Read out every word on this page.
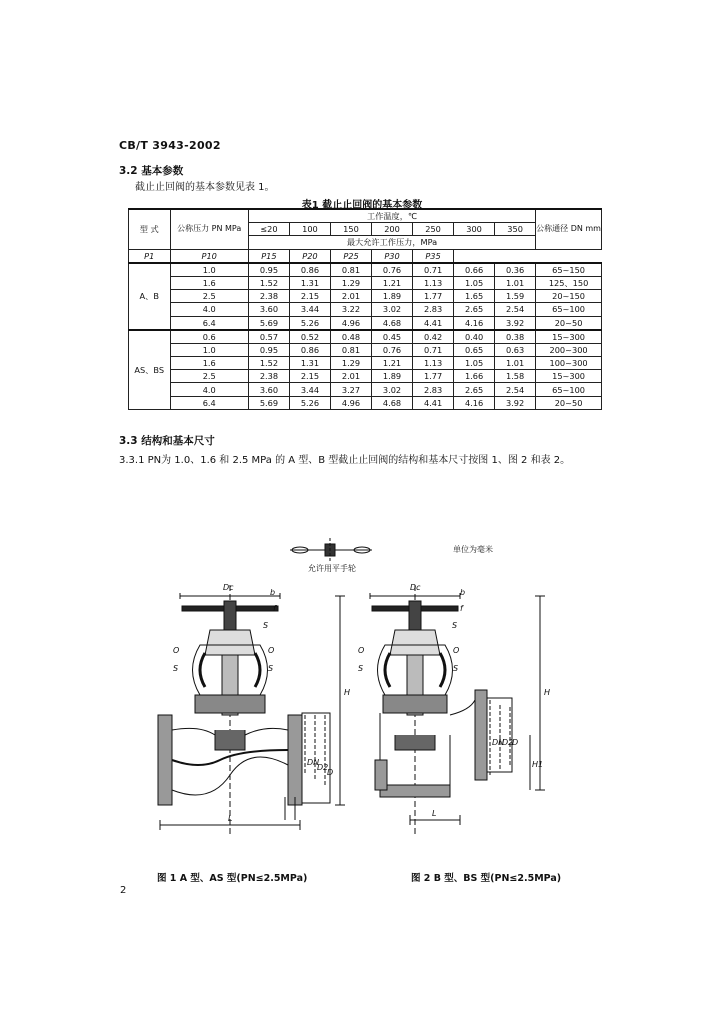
CB/T 3943-2002
3.2 基本参数
截止止回阀的基本参数见表 1。
表1 截止止回阀的基本参数
型 式	公称压力 PN MPa	工作温度，℃							公称通径 DN mm
		≤20	100	150	200	250	300	350	
		最大允许工作压力，MPa							
P1	P10	P15	P20	P25	P30	P35			
A、B	1.0	0.95	0.86	0.81	0.76	0.71	0.66	0.36	65~150
	1.6	1.52	1.31	1.29	1.21	1.13	1.05	1.01	125、150
	2.5	2.38	2.15	2.01	1.89	1.77	1.65	1.59	20~150
	4.0	3.60	3.44	3.22	3.02	2.83	2.65	2.54	65~100
	6.4	5.69	5.26	4.96	4.68	4.41	4.16	3.92	20~50
AS、BS	0.6	0.57	0.52	0.48	0.45	0.42	0.40	0.38	15~300
	1.0	0.95	0.86	0.81	0.76	0.71	0.65	0.63	200~300
	1.6	1.52	1.31	1.29	1.21	1.13	1.05	1.01	100~300
	2.5	2.38	2.15	2.01	1.89	1.77	1.66	1.58	15~300
	4.0	3.60	3.44	3.27	3.02	2.83	2.65	2.54	65~100
	6.4	5.69	5.26	4.96	4.68	4.41	4.16	3.92	20~50
3.3 结构和基本尺寸
3.3.1 PN为 1.0、1.6 和 2.5 MPa 的 A 型、B 型截止止回阀的结构和基本尺寸按图 1、图 2 和表 2。
允许用平手轮
单位为毫米
Dc
b
f
S
O	O
S	S
H
DN
D2
D
L
Dc
b
f
S
O	O
S	S
H
H1
DN
D2
D
L
图 1 A 型、AS 型(PN≤2.5MPa)	图 2 B 型、BS 型(PN≤2.5MPa)
2
